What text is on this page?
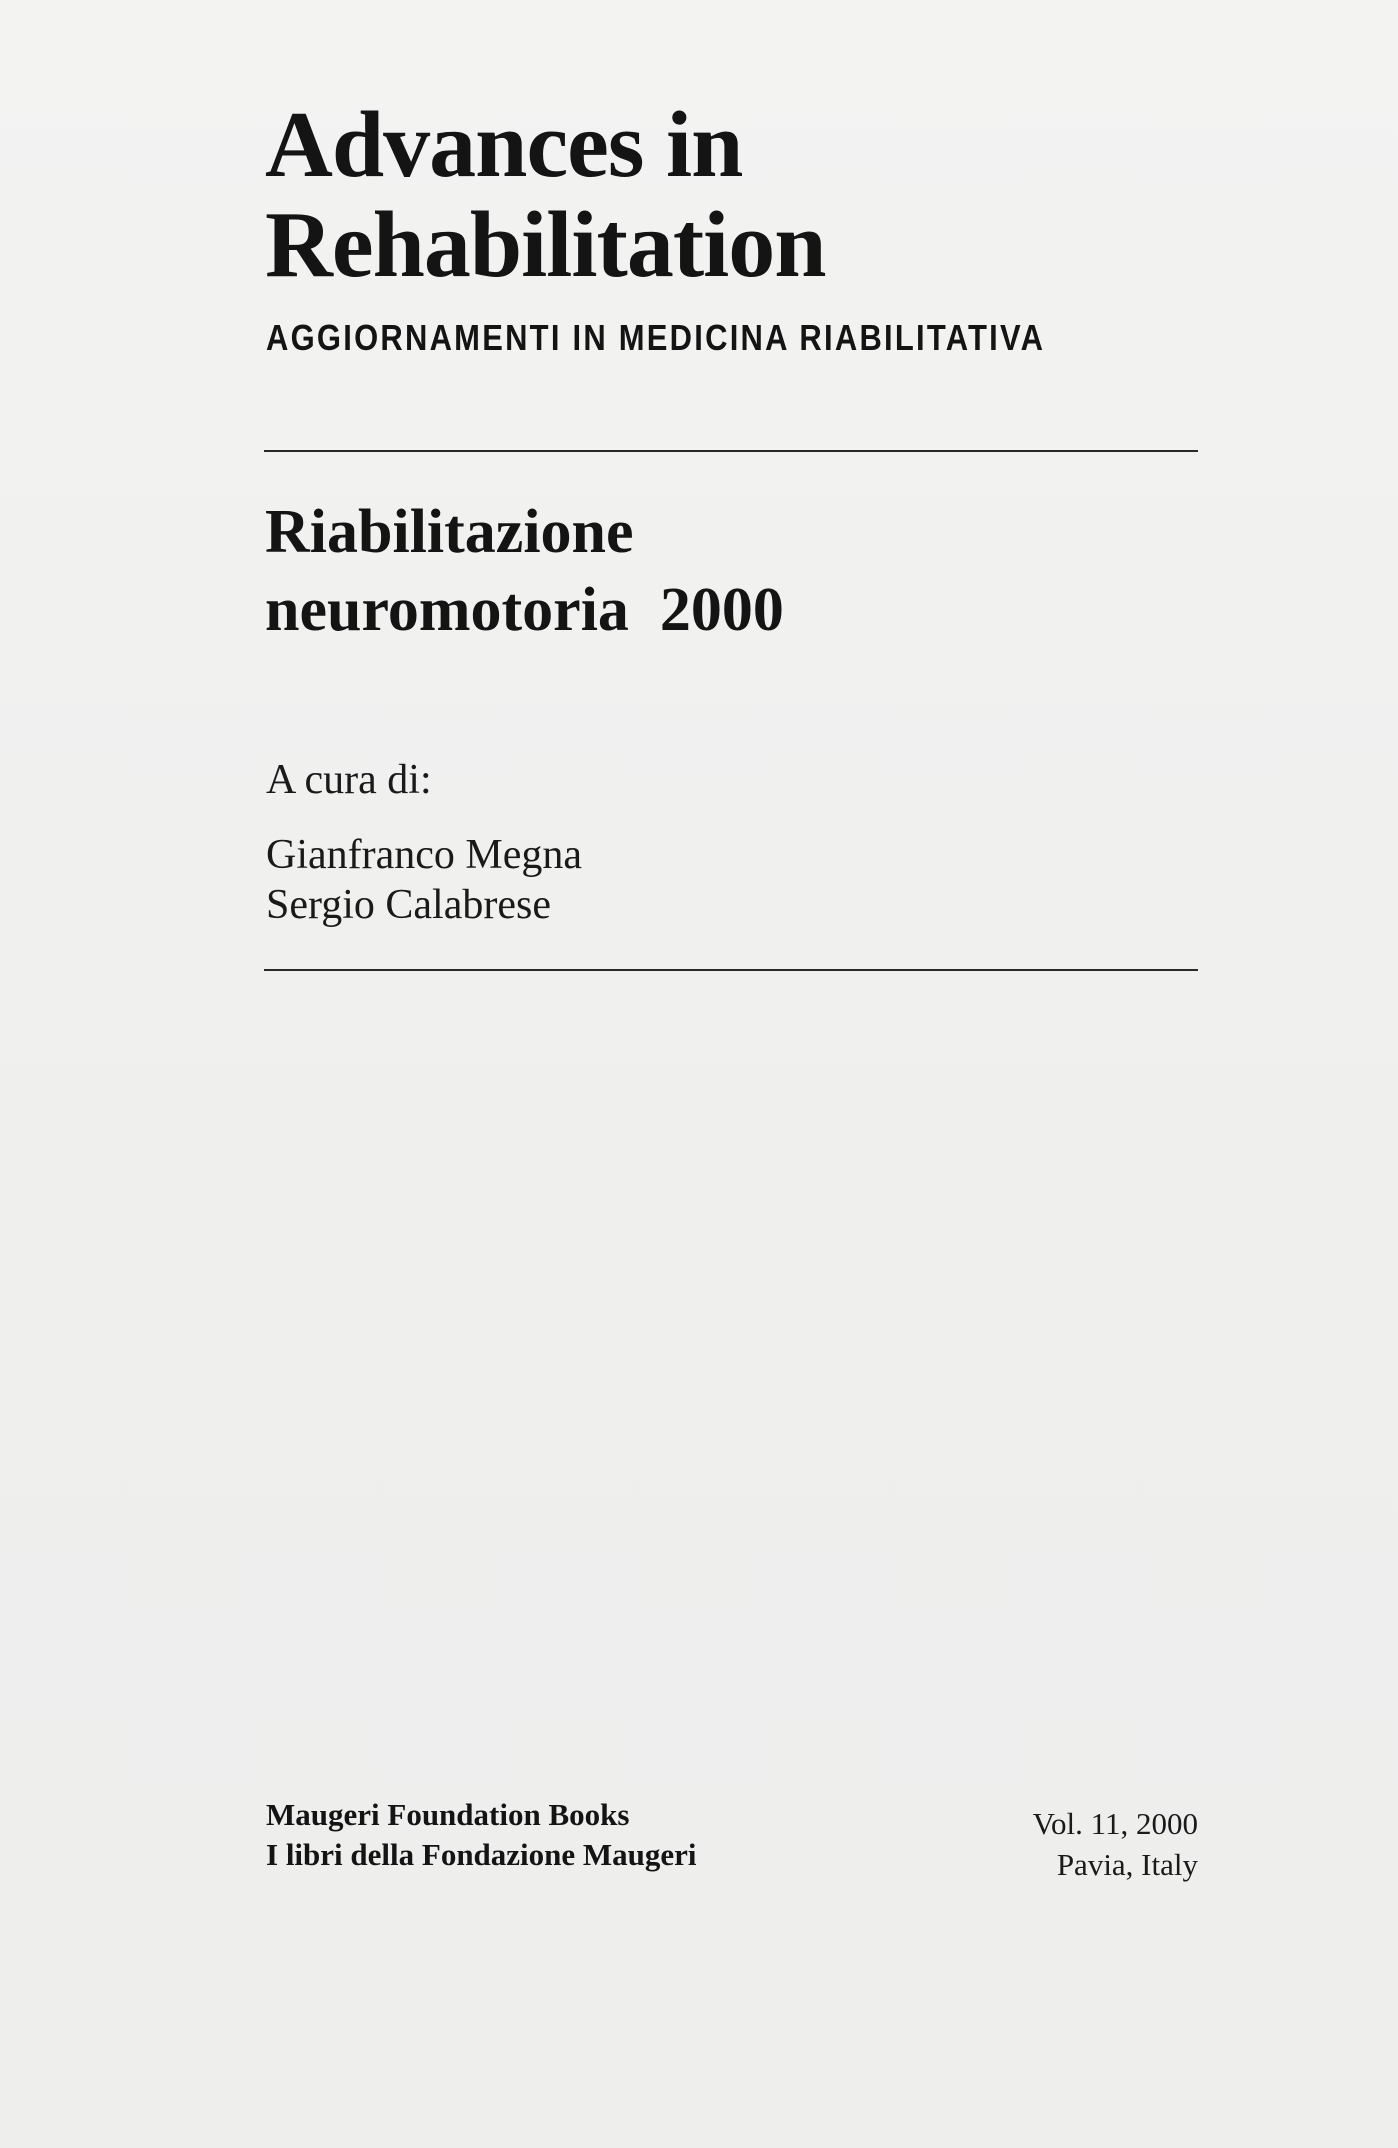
Advances in
Rehabilitation
AGGIORNAMENTI IN MEDICINA RIABILITATIVA
Riabilitazione
neuromotoria  2000
A cura di:
Gianfranco Megna
Sergio Calabrese
Maugeri Foundation Books
I libri della Fondazione Maugeri
Vol. 11, 2000
Pavia, Italy
